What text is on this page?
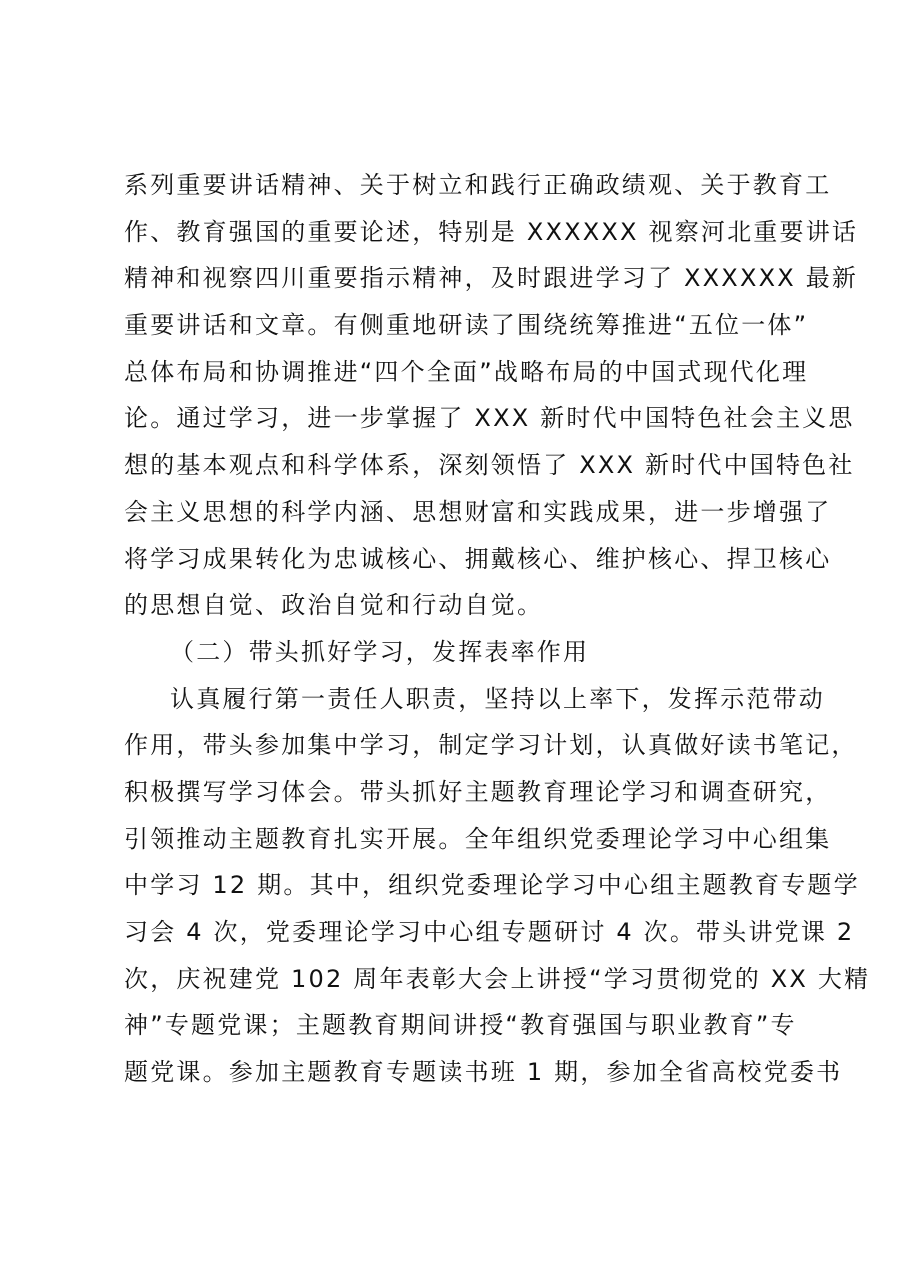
系列重要讲话精神、关于树立和践行正确政绩观、关于教育工
作、教育强国的重要论述，特别是 XXXXXX 视察河北重要讲话
精神和视察四川重要指示精神，及时跟进学习了 XXXXXX 最新
重要讲话和文章。有侧重地研读了围绕统筹推进“五位一体”
总体布局和协调推进“四个全面”战略布局的中国式现代化理
论。通过学习，进一步掌握了 XXX 新时代中国特色社会主义思
想的基本观点和科学体系，深刻领悟了 XXX 新时代中国特色社
会主义思想的科学内涵、思想财富和实践成果，进一步增强了
将学习成果转化为忠诚核心、拥戴核心、维护核心、捍卫核心
的思想自觉、政治自觉和行动自觉。
（二）带头抓好学习，发挥表率作用
认真履行第一责任人职责，坚持以上率下，发挥示范带动
作用，带头参加集中学习，制定学习计划，认真做好读书笔记，
积极撰写学习体会。带头抓好主题教育理论学习和调查研究，
引领推动主题教育扎实开展。全年组织党委理论学习中心组集
中学习 12 期。其中，组织党委理论学习中心组主题教育专题学
习会 4 次，党委理论学习中心组专题研讨 4 次。带头讲党课 2
次，庆祝建党 102 周年表彰大会上讲授“学习贯彻党的 XX 大精
神”专题党课；主题教育期间讲授“教育强国与职业教育”专
题党课。参加主题教育专题读书班 1 期，参加全省高校党委书
